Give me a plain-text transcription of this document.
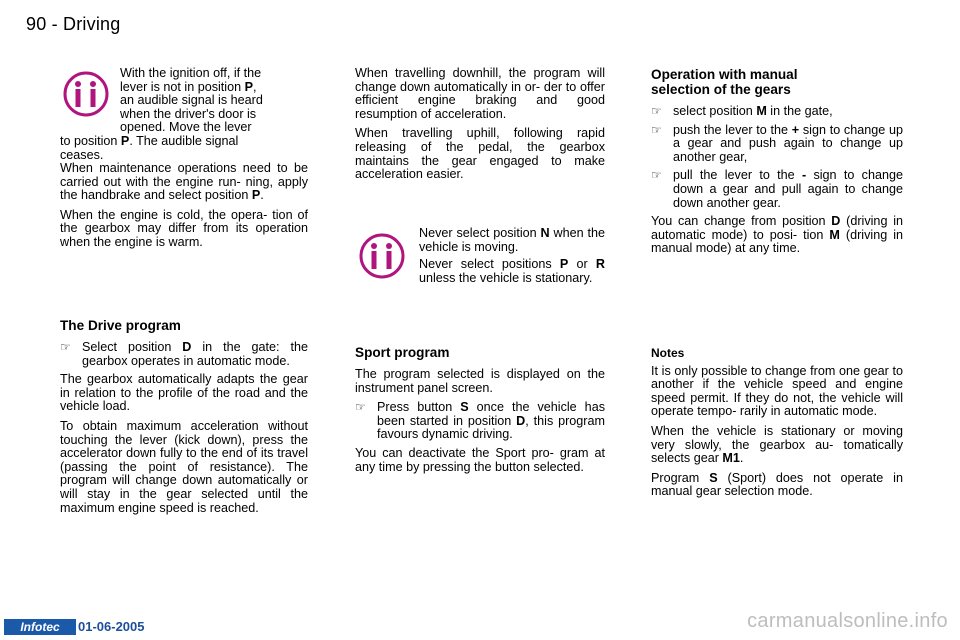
90 - Driving
With the ignition off, if the
lever is not in position P,
an audible signal is heard
when the driver's door is
opened. Move the lever
to position P. The audible signal
ceases.

When maintenance operations need to be carried out with the engine run- ning, apply the handbrake and select position P.

When the engine is cold, the opera- tion of the gearbox may differ from its operation when the engine is warm.

The Drive program
☞ Select position D in the gate: the gearbox operates in automatic mode.

The gearbox automatically adapts the gear in relation to the profile of the road and the vehicle load.

To obtain maximum acceleration without touching the lever (kick down), press the accelerator down fully to the end of its travel (passing the point of resistance). The program will change down automatically or will stay in the gear selected until the maximum engine speed is reached.

When travelling downhill, the program will change down automatically in or- der to offer efficient engine braking and good resumption of acceleration.

When travelling uphill, following rapid releasing of the pedal, the gearbox maintains the gear engaged to make acceleration easier.

Never select position N when the vehicle is moving.

Never select positions P or R unless the vehicle is stationary.

Sport program

The program selected is displayed on the instrument panel screen.

☞ Press button S once the vehicle has been started in position D, this program favours dynamic driving.

You can deactivate the Sport pro- gram at any time by pressing the button selected.

Operation with manual selection of the gears
☞ select position M in the gate,
☞ push the lever to the + sign to change up a gear and push again to change up another gear,
☞ pull the lever to the - sign to change down a gear and pull again to change down another gear.

You can change from position D (driving in automatic mode) to posi- tion M (driving in manual mode) at any time.

Notes

It is only possible to change from one gear to another if the vehicle speed and engine speed permit. If they do not, the vehicle will operate tempo- rarily in automatic mode.

When the vehicle is stationary or moving very slowly, the gearbox au- tomatically selects gear M1.

Program S (Sport) does not operate in manual gear selection mode.

Infotec	01-06-2005	carmanualsonline.info
